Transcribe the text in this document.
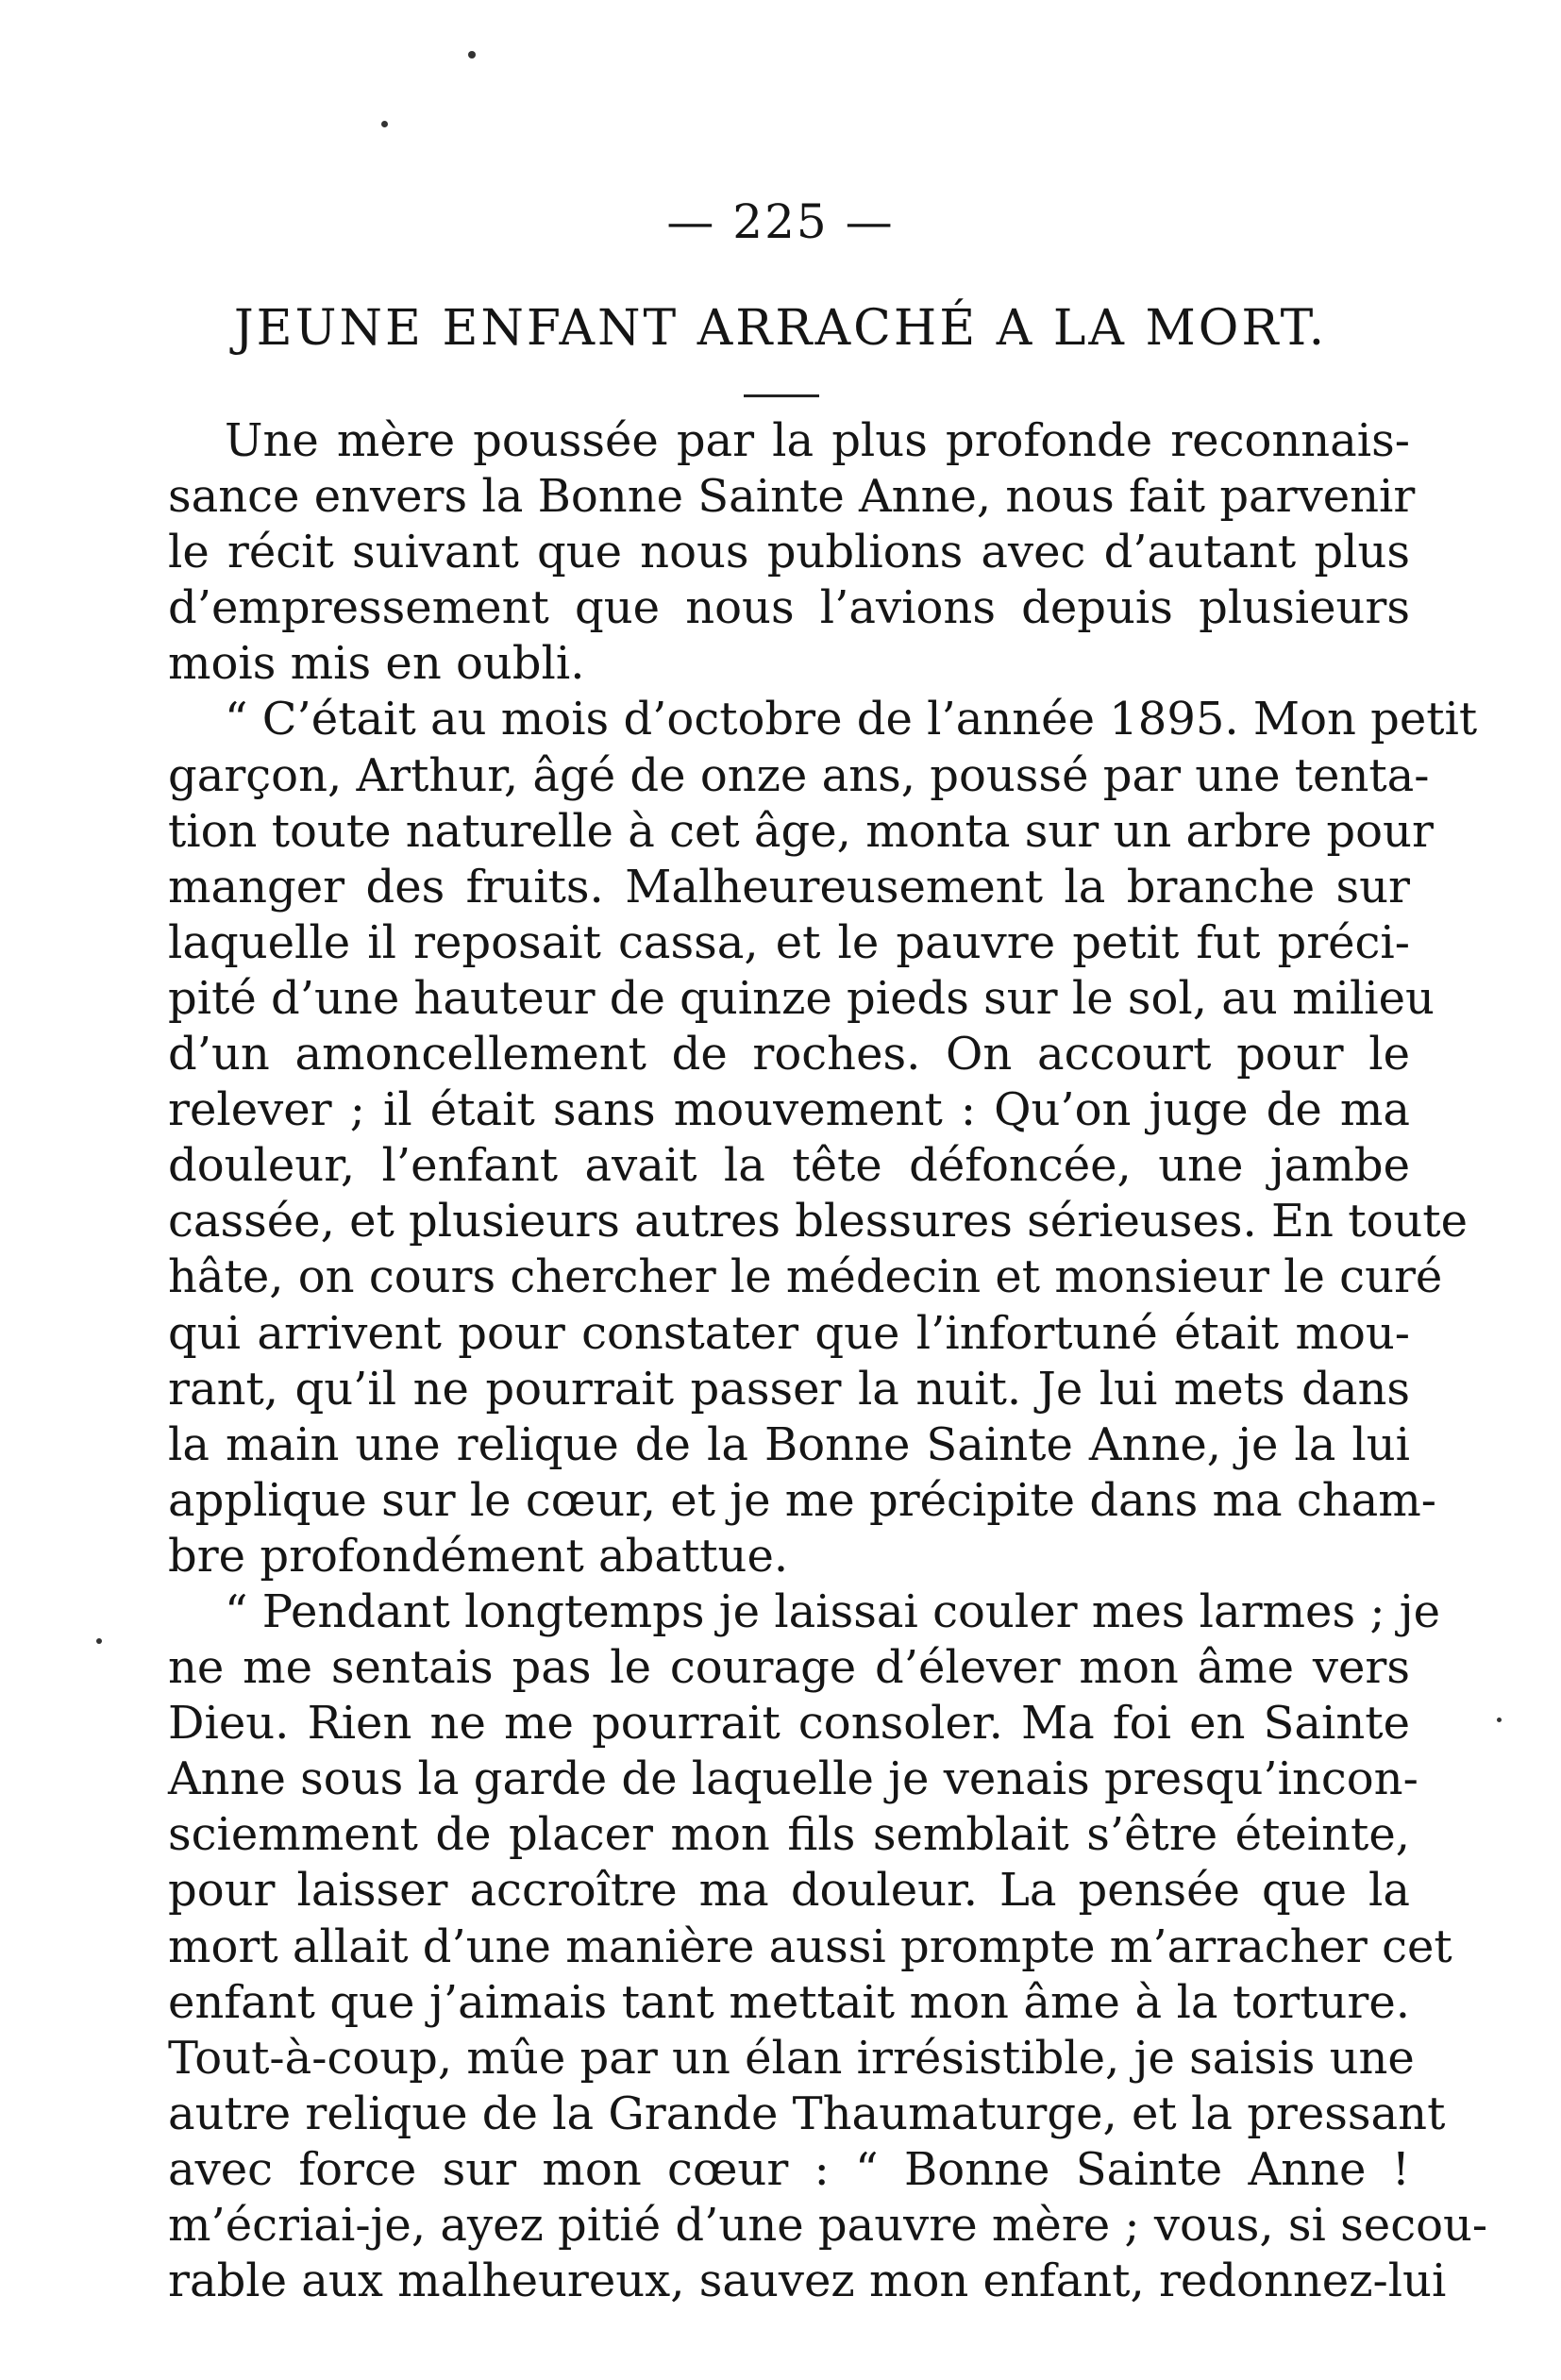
— 225 —
JEUNE ENFANT ARRACHÉ A LA MORT.
Une mère poussée par la plus profonde reconnais-
sance envers la Bonne Sainte Anne, nous fait parvenir
le récit suivant que nous publions avec d’autant plus
d’empressement que nous l’avions depuis plusieurs
mois mis en oubli.
“ C’était au mois d’octobre de l’année 1895. Mon petit
garçon, Arthur, âgé de onze ans, poussé par une tenta-
tion toute naturelle à cet âge, monta sur un arbre pour
manger des fruits. Malheureusement la branche sur
laquelle il reposait cassa, et le pauvre petit fut préci-
pité d’une hauteur de quinze pieds sur le sol, au milieu
d’un amoncellement de roches. On accourt pour le
relever ; il était sans mouvement : Qu’on juge de ma
douleur, l’enfant avait la tête défoncée, une jambe
cassée, et plusieurs autres blessures sérieuses. En toute
hâte, on cours chercher le médecin et monsieur le curé
qui arrivent pour constater que l’infortuné était mou-
rant, qu’il ne pourrait passer la nuit. Je lui mets dans
la main une relique de la Bonne Sainte Anne, je la lui
applique sur le cœur, et je me précipite dans ma cham-
bre profondément abattue.
“ Pendant longtemps je laissai couler mes larmes ; je
ne me sentais pas le courage d’élever mon âme vers
Dieu. Rien ne me pourrait consoler. Ma foi en Sainte
Anne sous la garde de laquelle je venais presqu’incon-
sciemment de placer mon fils semblait s’être éteinte,
pour laisser accroître ma douleur. La pensée que la
mort allait d’une manière aussi prompte m’arracher cet
enfant que j’aimais tant mettait mon âme à la torture.
Tout-à-coup, mûe par un élan irrésistible, je saisis une
autre relique de la Grande Thaumaturge, et la pressant
avec force sur mon cœur : “ Bonne Sainte Anne !
m’écriai-je, ayez pitié d’une pauvre mère ; vous, si secou-
rable aux malheureux, sauvez mon enfant, redonnez-lui
